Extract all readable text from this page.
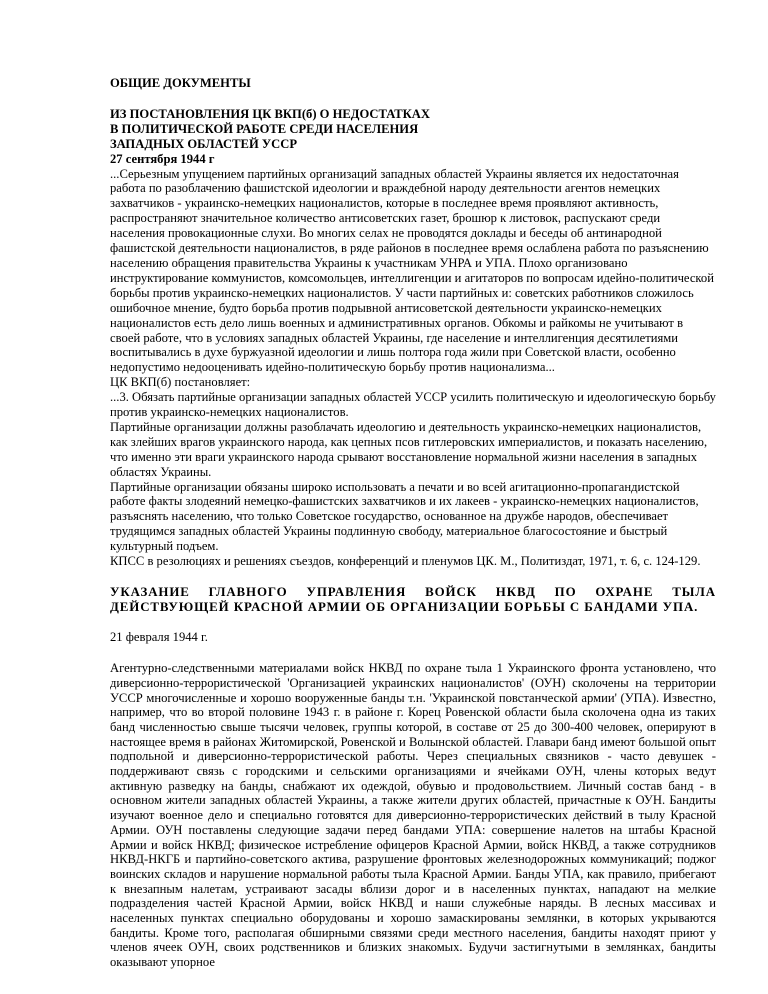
ОБЩИЕ ДОКУМЕНТЫ

ИЗ ПОСТАНОВЛЕНИЯ ЦК ВКП(б) О НЕДОСТАТКАХ

В ПОЛИТИЧЕСКОЙ РАБОТЕ СРЕДИ НАСЕЛЕНИЯ

ЗАПАДНЫХ ОБЛАСТЕЙ УССР

27 сентября 1944 г

...Серьезным упущением партийных организаций западных областей Украины является их недостаточная работа по разоблачению фашистской идеологии и враждебной народу деятельности агентов немецких захватчиков - украинско-немецких националистов, которые в последнее время проявляют активность, распространяют значительное количество антисоветских газет, брошюр к листовок, распускают среди населения провокационные слухи. Во многих селах не проводятся доклады и беседы об антинародной фашистской деятельности националистов, в ряде районов в последнее время ослаблена работа по разъяснению населению обращения правительства Украины к участникам УНРА и УПА. Плохо организовано инструктирование коммунистов, комсомольцев, интеллигенции и агитаторов по вопросам идейно-политической борьбы против украинско-немецких националистов. У части партийных и: советских работников сложилось ошибочное мнение, будто борьба против подрывной антисоветской деятельности украинско-немецких националистов есть дело лишь военных и административных органов. Обкомы и райкомы не учитывают в своей работе, что в условиях западных областей Украины, где население и интеллигенция десятилетиями воспитывались в духе буржуазной идеологии и лишь полтора года жили при Советской власти, особенно недопустимо недооценивать идейно-политическую борьбу против национализма...

ЦК ВКП(б) постановляет:

...3. Обязать партийные организации западных областей УССР усилить политическую и идеологическую борьбу против украинско-немецких националистов.

Партийные организации должны разоблачать идеологию и деятельность украинско-немецких националистов, как злейших врагов украинского народа, как цепных псов гитлеровских империалистов, и показать населению, что именно эти враги украинского народа срывают восстановление нормальной жизни населения в западных областях Украины.

Партийные организации обязаны широко использовать а печати и во всей агитационно-пропагандистской работе факты злодеяний немецко-фашистских захватчиков и их лакеев - украинско-немецких националистов, разъяснять населению, что только Советское государство, основанное на дружбе народов, обеспечивает трудящимся западных областей Украины подлинную свободу, материальное благосостояние и быстрый культурный подъем.

КПСС в резолюциях и решениях съездов, конференций и пленумов ЦК. М., Политиздат, 1971, т. 6, с. 124-129.

УКАЗАНИЕ ГЛАВНОГО УПРАВЛЕНИЯ ВОЙСК НКВД ПО ОХРАНЕ ТЫЛА ДЕЙСТВУЮЩЕЙ КРАСНОЙ АРМИИ ОБ ОРГАНИЗАЦИИ БОРЬБЫ С БАНДАМИ УПА.

21 февраля 1944 г.

Агентурно-следственными материалами войск НКВД по охране тыла 1 Украинского фронта установлено, что диверсионно-террористической 'Организацией украинских националистов' (ОУН) сколочены на территории УССР многочисленные и хорошо вооруженные банды т.н. 'Украинской повстанческой армии' (УПА). Известно, например, что во второй половине 1943 г. в районе г. Корец Ровенской области была сколочена одна из таких банд численностью свыше тысячи человек, группы которой, в составе от 25 до 300-400 человек, оперируют в настоящее время в районах Житомирской, Ровенской и Волынской областей. Главари банд имеют большой опыт подпольной и диверсионно-террористической работы. Через специальных связников - часто девушек - поддерживают связь с городскими и сельскими организациями и ячейками ОУН, члены которых ведут активную разведку на банды, снабжают их одеждой, обувью и продовольствием. Личный состав банд - в основном жители западных областей Украины, а также жители других областей, причастные к ОУН. Бандиты изучают военное дело и специально готовятся для диверсионно-террористических действий в тылу Красной Армии. ОУН поставлены следующие задачи перед бандами УПА: совершение налетов на штабы Красной Армии и войск НКВД; физическое истребление офицеров Красной Армии, войск НКВД, а также сотрудников НКВД-НКГБ и партийно-советского актива, разрушение фронтовых железнодорожных коммуникаций; поджог воинских складов и нарушение нормальной работы тыла Красной Армии. Банды УПА, как правило, прибегают к внезапным налетам, устраивают засады вблизи дорог и в населенных пунктах, нападают на мелкие подразделения частей Красной Армии, войск НКВД и наши служебные наряды. В лесных массивах и населенных пунктах специально оборудованы и хорошо замаскированы землянки, в которых укрываются бандиты. Кроме того, располагая обширными связями среди местного населения, бандиты находят приют у членов ячеек ОУН, своих родственников и близких знакомых. Будучи застигнутыми в землянках, бандиты оказывают упорное
